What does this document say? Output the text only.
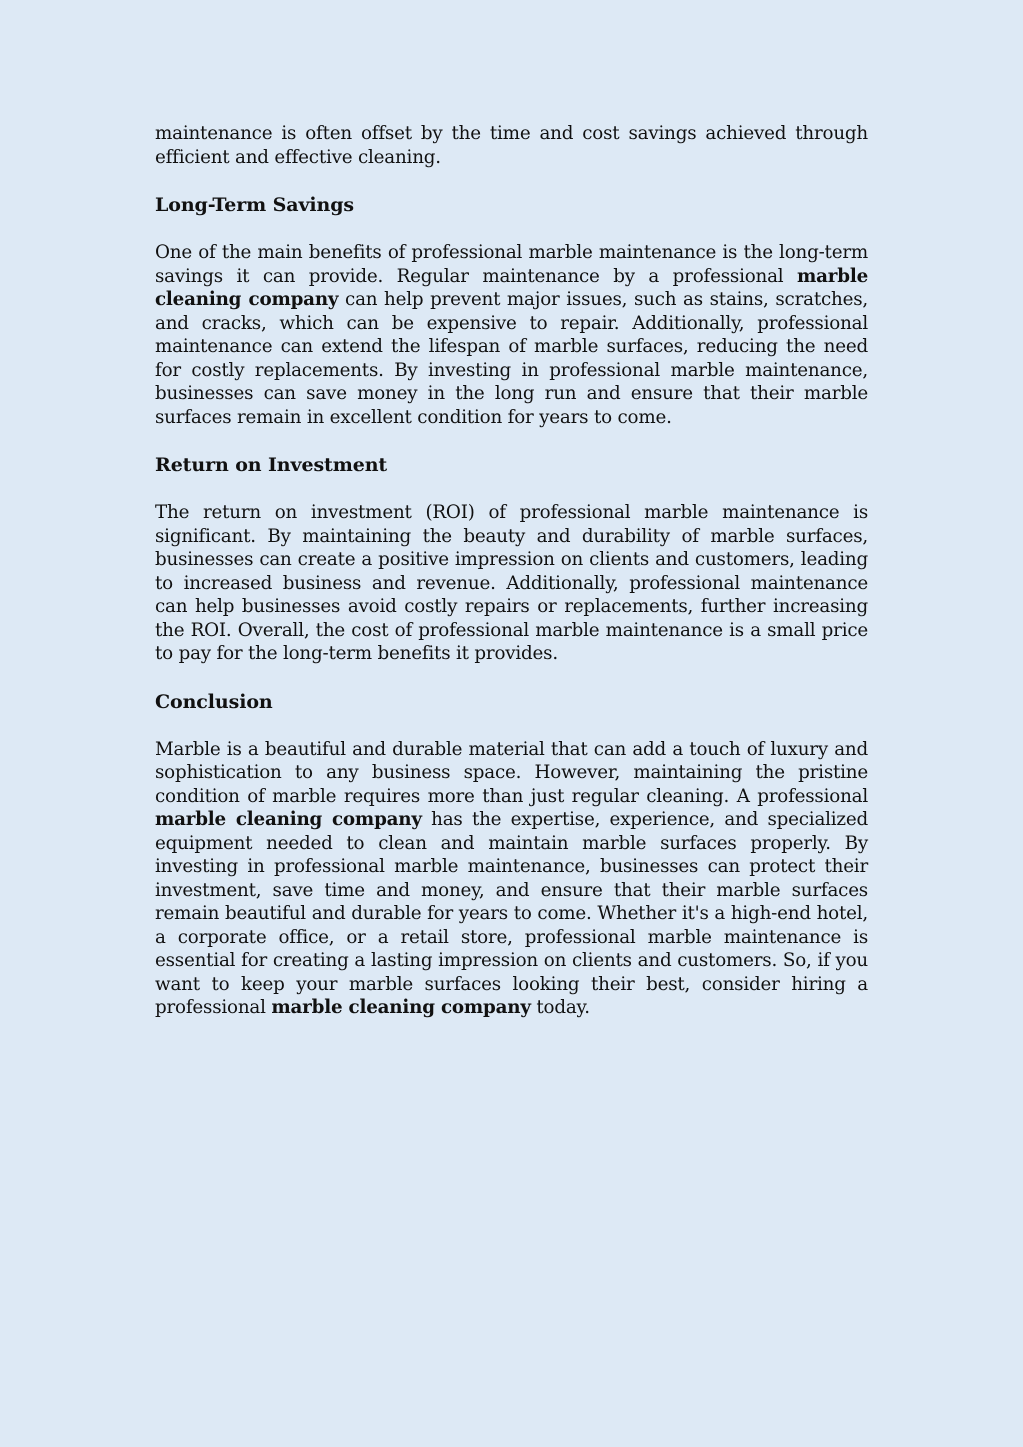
maintenance is often offset by the time and cost savings achieved through efficient and effective cleaning.

Long-Term Savings

One of the main benefits of professional marble maintenance is the long-term savings it can provide. Regular maintenance by a professional marble cleaning company can help prevent major issues, such as stains, scratches, and cracks, which can be expensive to repair. Additionally, professional maintenance can extend the lifespan of marble surfaces, reducing the need for costly replacements. By investing in professional marble maintenance, businesses can save money in the long run and ensure that their marble surfaces remain in excellent condition for years to come.

Return on Investment

The return on investment (ROI) of professional marble maintenance is significant. By maintaining the beauty and durability of marble surfaces, businesses can create a positive impression on clients and customers, leading to increased business and revenue. Additionally, professional maintenance can help businesses avoid costly repairs or replacements, further increasing the ROI. Overall, the cost of professional marble maintenance is a small price to pay for the long-term benefits it provides.

Conclusion

Marble is a beautiful and durable material that can add a touch of luxury and sophistication to any business space. However, maintaining the pristine condition of marble requires more than just regular cleaning. A professional marble cleaning company has the expertise, experience, and specialized equipment needed to clean and maintain marble surfaces properly. By investing in professional marble maintenance, businesses can protect their investment, save time and money, and ensure that their marble surfaces remain beautiful and durable for years to come. Whether it's a high-end hotel, a corporate office, or a retail store, professional marble maintenance is essential for creating a lasting impression on clients and customers. So, if you want to keep your marble surfaces looking their best, consider hiring a professional marble cleaning company today.
